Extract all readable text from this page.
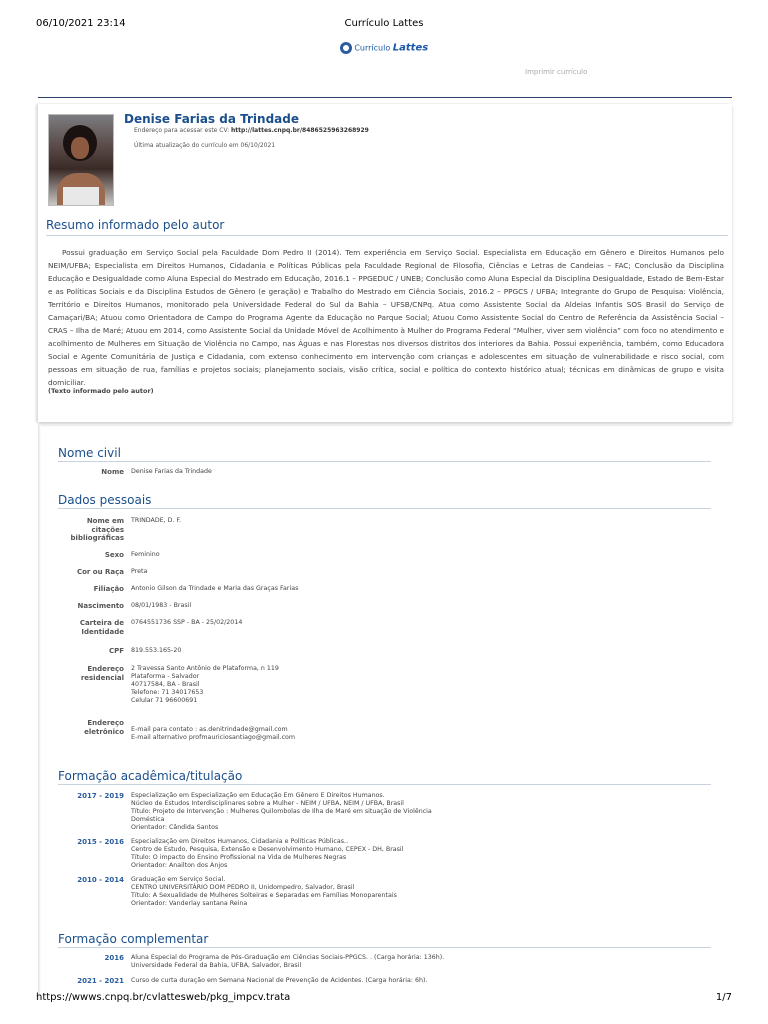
06/10/2021 23:14	Currículo Lattes
Currículo Lattes
Imprimir currículo
Denise Farias da Trindade
Endereço para acessar este CV: http://lattes.cnpq.br/8486525963268929
Última atualização do currículo em 06/10/2021
Resumo informado pelo autor

Possui graduação em Serviço Social pela Faculdade Dom Pedro II (2014). Tem experiência em Serviço Social. Especialista em Educação em Gênero e Direitos Humanos pelo NEIM/UFBA; Especialista em Direitos Humanos, Cidadania e Políticas Públicas pela Faculdade Regional de Filosofia, Ciências e Letras de Candeias – FAC; Conclusão da Disciplina Educação e Desigualdade como Aluna Especial do Mestrado em Educação, 2016.1 – PPGEDUC / UNEB; Conclusão como Aluna Especial da Disciplina Desigualdade, Estado de Bem-Estar e as Políticas Sociais e da Disciplina Estudos de Gênero (e geração) e Trabalho do Mestrado em Ciência Sociais, 2016.2 – PPGCS / UFBA; Integrante do Grupo de Pesquisa: Violência, Território e Direitos Humanos, monitorado pela Universidade Federal do Sul da Bahia – UFSB/CNPq. Atua como Assistente Social da Aldeias Infantis SOS Brasil do Serviço de Camaçari/BA; Atuou como Orientadora de Campo do Programa Agente da Educação no Parque Social; Atuou Como Assistente Social do Centro de Referência da Assistência Social –CRAS – Ilha de Maré; Atuou em 2014, como Assistente Social da Unidade Móvel de Acolhimento à Mulher do Programa Federal “Mulher, viver sem violência” com foco no atendimento e acolhimento de Mulheres em Situação de Violência no Campo, nas Águas e nas Florestas nos diversos distritos dos interiores da Bahia. Possui experiência, também, como Educadora Social e Agente Comunitária de Justiça e Cidadania, com extenso conhecimento em intervenção com crianças e adolescentes em situação de vulnerabilidade e risco social, com pessoas em situação de rua, famílias e projetos sociais; planejamento sociais, visão crítica, social e política do contexto histórico atual; técnicas em dinâmicas de grupo e visita domiciliar.

(Texto informado pelo autor)
Nome civil
Nome Denise Farias da Trindade
Dados pessoais
Nome em
citações
bibliográficas
TRINDADE, D. F.
Sexo Feminino
Cor ou Raça Preta
Filiação Antonio Gilson da Trindade e Maria das Graças Farias
Nascimento 08/01/1983 - Brasil
Carteira de
Identidade
0764551736 SSP - BA - 25/02/2014
CPF 819.553.165-20
Endereço
residencial
2 Travessa Santo Antônio de Plataforma, n 119
Plataforma - Salvador
40717584, BA - Brasil
Telefone: 71 34017653
Celular 71 96600691
Endereço
eletrônico E-mail para contato : as.denitrindade@gmail.com
E-mail alternativo profmauriciosantiago@gmail.com
Formação acadêmica/titulação
2017 - 2019 Especialização em Especialização em Educação Em Gênero E Direitos Humanos.
Núcleo de Estudos Interdisciplinares sobre a Mulher - NEIM / UFBA, NEIM / UFBA, Brasil
Título: Projeto de Intervenção : Mulheres Quilombolas de Ilha de Maré em situação de Violência
Doméstica
Orientador: Cândida Santos
2015 - 2016 Especialização em Direitos Humanos, Cidadania e Políticas Públicas..
Centro de Estudo, Pesquisa, Extensão e Desenvolvimento Humano, CEPEX - DH, Brasil
Título: O impacto do Ensino Profissional na Vida de Mulheres Negras
Orientador: Anailton dos Anjos
2010 - 2014 Graduação em Serviço Social.
CENTRO UNIVERSITÁRIO DOM PEDRO II, Unidompedro, Salvador, Brasil
Título: A Sexualidade de Mulheres Solteiras e Separadas em Famílias Monoparentais
Orientador: Vanderlay santana Reina
Formação complementar
2016 Aluna Especial do Programa de Pós-Graduação em Ciências Sociais-PPGCS. . (Carga horária: 136h).
Universidade Federal da Bahia, UFBA, Salvador, Brasil
2021 - 2021 Curso de curta duração em Semana Nacional de Prevenção de Acidentes. (Carga horária: 6h).
https://wwws.cnpq.br/cvlattesweb/pkg_impcv.trata	1/7
